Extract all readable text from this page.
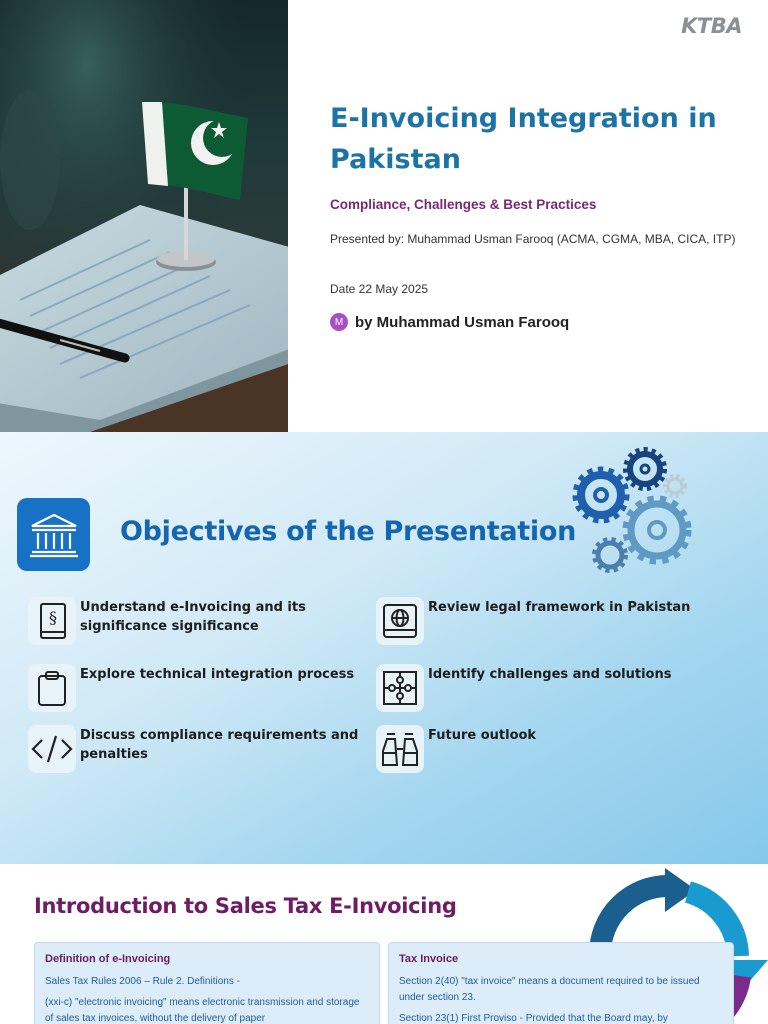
KTBA
E-Invoicing Integration in Pakistan
Compliance, Challenges & Best Practices
Presented by: Muhammad Usman Farooq (ACMA, CGMA, MBA, CICA, ITP)
Date 22 May 2025
M by Muhammad Usman Farooq
Objectives of the Presentation
§
Understand e-Invoicing and its significance significance
Review legal framework in Pakistan
Explore technical integration process	Identify challenges and solutions
Discuss compliance requirements and penalties
Future outlook
Introduction to Sales Tax E-Invoicing
Definition of e-Invoicing
Sales Tax Rules 2006 – Rule 2. Definitions -
(xxi-c) "electronic invoicing" means electronic transmission and storage of sales tax invoices, without the delivery of paper
Tax Invoice
Section 2(40) "tax invoice" means a document required to be issued under section 23.
Section 23(1) First Proviso - Provided that the Board may, by
